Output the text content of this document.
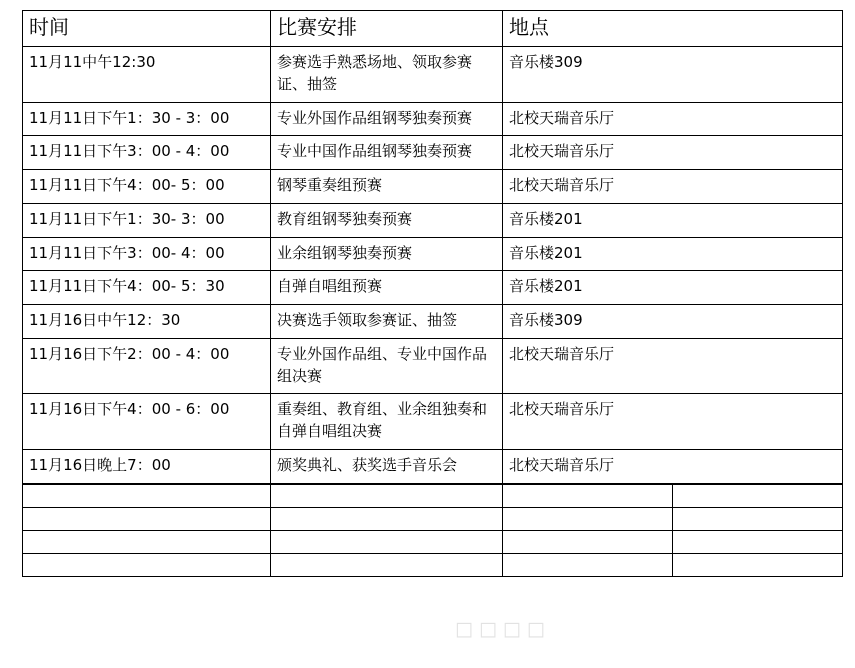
时间	比赛安排	地点
11月11中午12:30	参赛选手熟悉场地、领取参赛证、抽签	音乐楼309
11月11日下午1：30 - 3：00	专业外国作品组钢琴独奏预赛	北校天瑞音乐厅
11月11日下午3：00 - 4：00	专业中国作品组钢琴独奏预赛	北校天瑞音乐厅
11月11日下午4：00- 5：00	钢琴重奏组预赛	北校天瑞音乐厅
11月11日下午1：30- 3：00	教育组钢琴独奏预赛	音乐楼201
11月11日下午3：00- 4：00	业余组钢琴独奏预赛	音乐楼201
11月11日下午4：00- 5：30	自弹自唱组预赛	音乐楼201
11月16日中午12：30	决赛选手领取参赛证、抽签	音乐楼309
11月16日下午2：00 - 4：00	专业外国作品组、专业中国作品组决赛	北校天瑞音乐厅
11月16日下午4：00 - 6：00	重奏组、教育组、业余组独奏和自弹自唱组决赛	北校天瑞音乐厅
11月16日晚上7：00	颁奖典礼、获奖选手音乐会	北校天瑞音乐厅

□□□□
